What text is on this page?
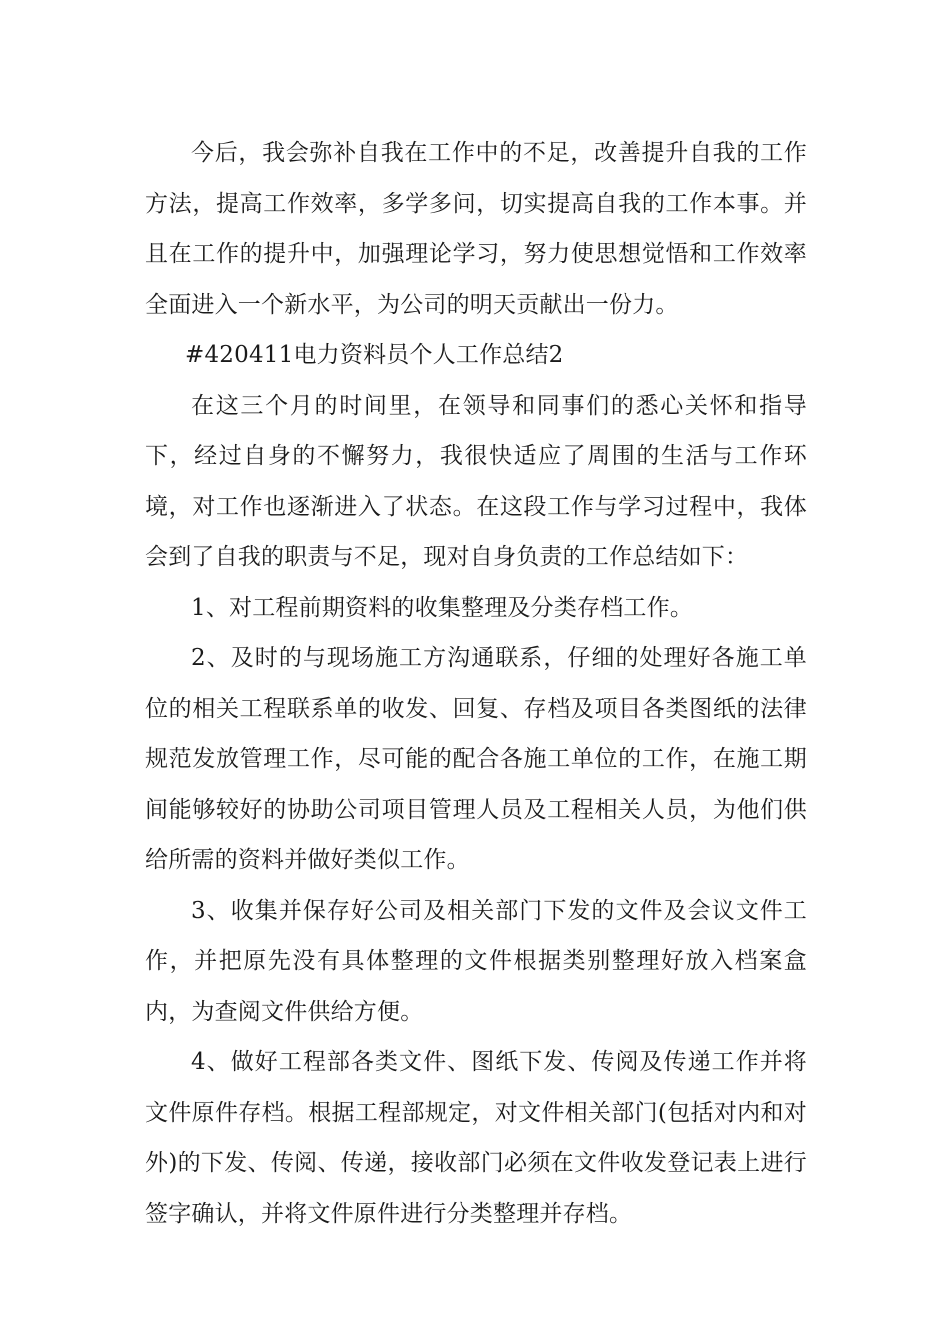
今后，我会弥补自我在工作中的不足，改善提升自我的工作方法，提高工作效率，多学多问，切实提高自我的工作本事。并且在工作的提升中，加强理论学习，努力使思想觉悟和工作效率全面进入一个新水平，为公司的明天贡献出一份力。

#420411电力资料员个人工作总结2

在这三个月的时间里，在领导和同事们的悉心关怀和指导下，经过自身的不懈努力，我很快适应了周围的生活与工作环境，对工作也逐渐进入了状态。在这段工作与学习过程中，我体会到了自我的职责与不足，现对自身负责的工作总结如下：

1、对工程前期资料的收集整理及分类存档工作。

2、及时的与现场施工方沟通联系，仔细的处理好各施工单位的相关工程联系单的收发、回复、存档及项目各类图纸的法律规范发放管理工作，尽可能的配合各施工单位的工作，在施工期间能够较好的协助公司项目管理人员及工程相关人员，为他们供给所需的资料并做好类似工作。

3、收集并保存好公司及相关部门下发的文件及会议文件工作，并把原先没有具体整理的文件根据类别整理好放入档案盒内，为查阅文件供给方便。

4、做好工程部各类文件、图纸下发、传阅及传递工作并将文件原件存档。根据工程部规定，对文件相关部门(包括对内和对外)的下发、传阅、传递，接收部门必须在文件收发登记表上进行签字确认，并将文件原件进行分类整理并存档。
